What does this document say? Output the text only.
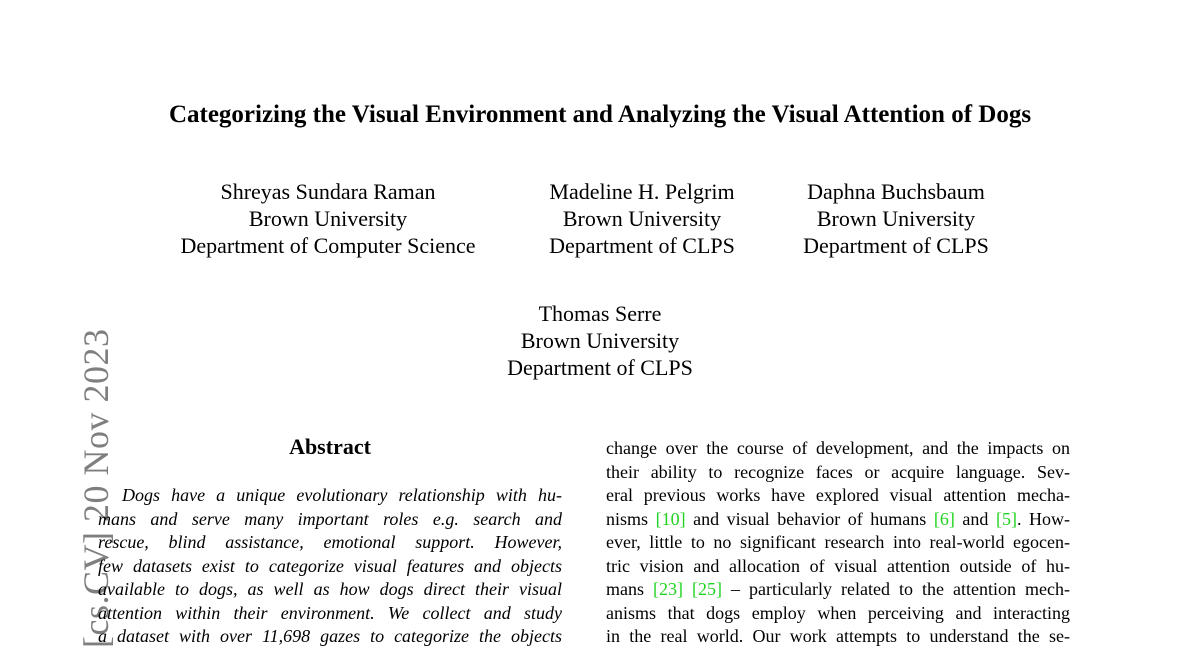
[cs.CV] 20 Nov 2023
Categorizing the Visual Environment and Analyzing the Visual Attention of Dogs
Shreyas Sundara Raman
Brown University
Department of Computer Science
Madeline H. Pelgrim
Brown University
Department of CLPS
Daphna Buchsbaum
Brown University
Department of CLPS
Thomas Serre
Brown University
Department of CLPS
Abstract
Dogs have a unique evolutionary relationship with hu-
mans and serve many important roles e.g. search and
rescue, blind assistance, emotional support. However,
few datasets exist to categorize visual features and objects
available to dogs, as well as how dogs direct their visual
attention within their environment. We collect and study
a dataset with over 11,698 gazes to categorize the objects
change over the course of development, and the impacts on
their ability to recognize faces or acquire language. Sev-
eral previous works have explored visual attention mecha-
nisms [10] and visual behavior of humans [6] and [5]. How-
ever, little to no significant research into real-world egocen-
tric vision and allocation of visual attention outside of hu-
mans [23] [25] – particularly related to the attention mech-
anisms that dogs employ when perceiving and interacting
in the real world. Our work attempts to understand the se-
